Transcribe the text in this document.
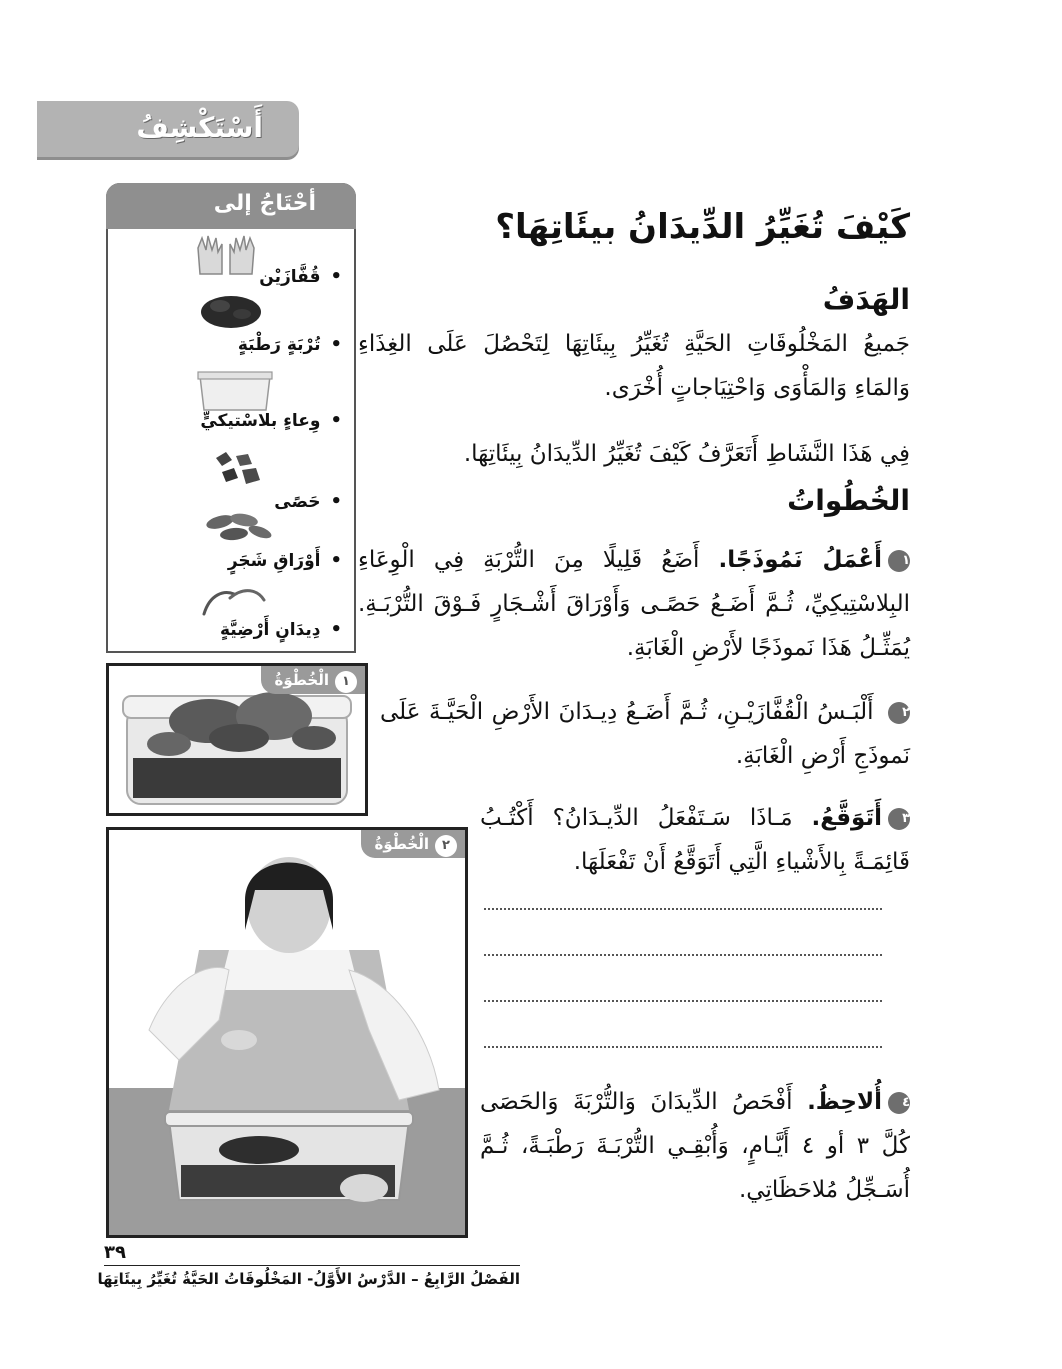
أَسْتَكْشِفُ
أحْتَاجُ إلى
•قُفَّازَيْن
•تُرْبَةٍ رَطْبَةٍ
•وِعاءٍ بلاسْتيكيٍّ
•حَصًى
•أَوْرَاقِ شَجَرٍ
•دِيدَانٍ أَرْضِيَّةٍ
١الْخُطْوَةُ
٢الْخُطْوَةُ
كَيْفَ تُغَيِّرُ الدِّيدَانُ بيئَاتِهَا؟
الهَدَفُ
جَميعُ المَخْلُوقَاتِ الحَيَّةِ تُغَيِّرُ بِيئَاتِهَا لِتَحْصُلَ عَلَى الغِذَاءِ وَالمَاءِ وَالمَأْوَى وَاحْتِيَاجاتٍ أُخْرَى.
فِي هَذَا النَّشَاطِ أَتَعَرَّفُ كَيْفَ تُغَيِّرُ الدِّيدَانُ بِيئَاتِهَا.
الخُطُواتُ
١أَعْمَلُ نَمُوذَجًا. أَضَعُ قَلِيلًا مِنَ التُّرْبَةِ فِي الْوِعَاءِ البِلاسْتِيكِيِّ، ثُـمَّ أَضَـعُ حَصًـى وَأَوْرَاقَ أَشْـجَارٍ فَـوْقَ التُّرْبَـةِ. يُمَثِّـلُ هَذَا نَموذَجًا لأَرْضِ الْغَابَةِ.
٢ أَلْبَـسُ الْقُفَّازَيْـنِ، ثُـمَّ أَضَـعُ دِيـدَانَ الأَرْضِ الْحَيَّـةَ عَلَى نَموذَجِ أَرْضِ الْغَابَةِ.
٣أَتَوَقَّعُ. مَـاذَا سَـتَفْعَلُ الدِّيـدَانُ؟ أَكْتُـبُ قَائِمَـةً بِالأَشْياءِ الَّتِي أَتَوَقَّعُ أَنْ تَفْعَلَهَا.
٤أُلاحِظُ. أَفْحَصُ الدِّيدَانَ وَالتُّرْبَةَ وَالحَصَى كُلَّ ٣ أو ٤ أَيَّـامٍ، وَأُبْقِـي التُّرْبَـةَ رَطْبَـةً، ثُـمَّ أُسَـجِّلُ مُلاحَظَاتِي.
٣٩
الفَصْلُ الرَّابِعُ – الدَّرْسُ الأَوَّلُ- المَخْلُوقَاتُ الحَيَّةُ تُغَيِّرُ بِيئَاتِهَا
